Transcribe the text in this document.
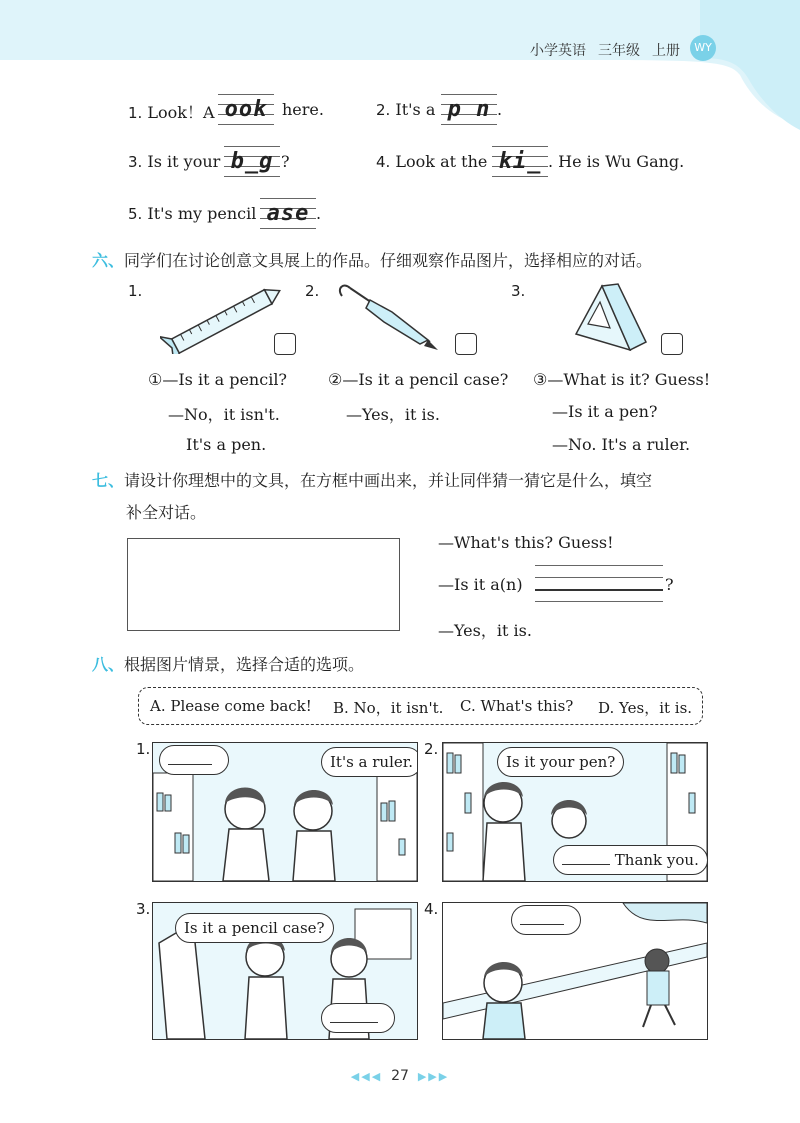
小学英语 三年级 上册	WY
1. Look！A ook here.	2. It's a p n .
3. Is it your b_g ?	4. Look at the ki_ . He is Wu Gang.
5. It's my pencil ase .
六、同学们在讨论创意文具展上的作品。仔细观察作品图片，选择相应的对话。
1.	2.	3.
①—Is it a pencil?
—No，it isn't.
It's a pen.
②—Is it a pencil case?
—Yes，it is.
③—What is it? Guess!
—Is it a pen?
—No. It's a ruler.
七、请设计你理想中的文具，在方框中画出来，并让同伴猜一猜它是什么，填空
补全对话。
—What's this? Guess!
—Is it a(n)	?
—Yes，it is.
八、根据图片情景，选择合适的选项。
A. Please come back! B. No，it isn't. C. What's this? D. Yes，it is.
1.
It's a ruler.
2.
Is it your pen?
Thank you.
3.
Is it a pencil case?
4.
◀◀◀ 27 ▶▶▶
